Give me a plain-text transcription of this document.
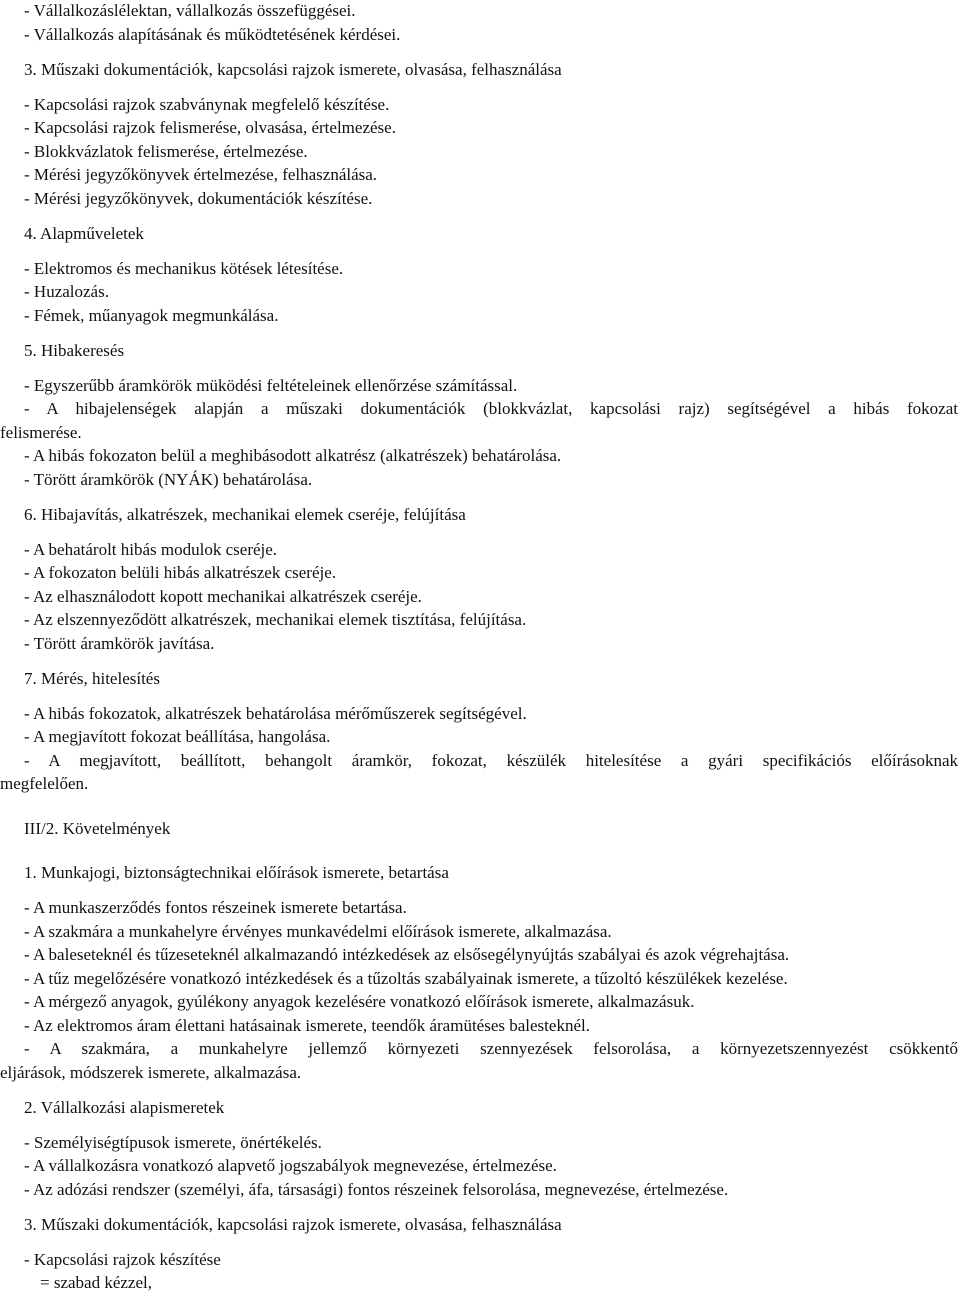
- Vállalkozáslélektan, vállalkozás összefüggései.
- Vállalkozás alapításának és működtetésének kérdései.
3. Műszaki dokumentációk, kapcsolási rajzok ismerete, olvasása, felhasználása
- Kapcsolási rajzok szabványnak megfelelő készítése.
- Kapcsolási rajzok felismerése, olvasása, értelmezése.
- Blokkvázlatok felismerése, értelmezése.
- Mérési jegyzőkönyvek értelmezése, felhasználása.
- Mérési jegyzőkönyvek, dokumentációk készítése.
4. Alapműveletek
- Elektromos és mechanikus kötések létesítése.
- Huzalozás.
- Fémek, műanyagok megmunkálása.
5. Hibakeresés
- Egyszerűbb áramkörök müködési feltételeinek ellenőrzése számítással.
- A hibajelenségek alapján a műszaki dokumentációk (blokkvázlat, kapcsolási rajz) segítségével a hibás fokozat
felismerése.
- A hibás fokozaton belül a meghibásodott alkatrész (alkatrészek) behatárolása.
- Törött áramkörök (NYÁK) behatárolása.
6. Hibajavítás, alkatrészek, mechanikai elemek cseréje, felújítása
- A behatárolt hibás modulok cseréje.
- A fokozaton belüli hibás alkatrészek cseréje.
- Az elhasználodott kopott mechanikai alkatrészek cseréje.
- Az elszennyeződött alkatrészek, mechanikai elemek tisztítása, felújítása.
- Törött áramkörök javítása.
7. Mérés, hitelesítés
- A hibás fokozatok, alkatrészek behatárolása mérőműszerek segítségével.
- A megjavított fokozat beállítása, hangolása.
- A megjavított, beállított, behangolt áramkör, fokozat, készülék hitelesítése a gyári specifikációs előírásoknak
megfelelően.
III/2. Követelmények
1. Munkajogi, biztonságtechnikai előírások ismerete, betartása
- A munkaszerződés fontos részeinek ismerete betartása.
- A szakmára a munkahelyre érvényes munkavédelmi előírások ismerete, alkalmazása.
- A baleseteknél és tűzeseteknél alkalmazandó intézkedések az elsősegélynyújtás szabályai és azok végrehajtása.
- A tűz megelőzésére vonatkozó intézkedések és a tűzoltás szabályainak ismerete, a tűzoltó készülékek kezelése.
- A mérgező anyagok, gyúlékony anyagok kezelésére vonatkozó előírások ismerete, alkalmazásuk.
- Az elektromos áram élettani hatásainak ismerete, teendők áramütéses balesteknél.
- A szakmára, a munkahelyre jellemző környezeti szennyezések felsorolása, a környezetszennyezést csökkentő
eljárások, módszerek ismerete, alkalmazása.
2. Vállalkozási alapismeretek
- Személyiségtípusok ismerete, önértékelés.
- A vállalkozásra vonatkozó alapvető jogszabályok megnevezése, értelmezése.
- Az adózási rendszer (személyi, áfa, társasági) fontos részeinek felsorolása, megnevezése, értelmezése.
3. Műszaki dokumentációk, kapcsolási rajzok ismerete, olvasása, felhasználása
- Kapcsolási rajzok készítése
= szabad kézzel,
